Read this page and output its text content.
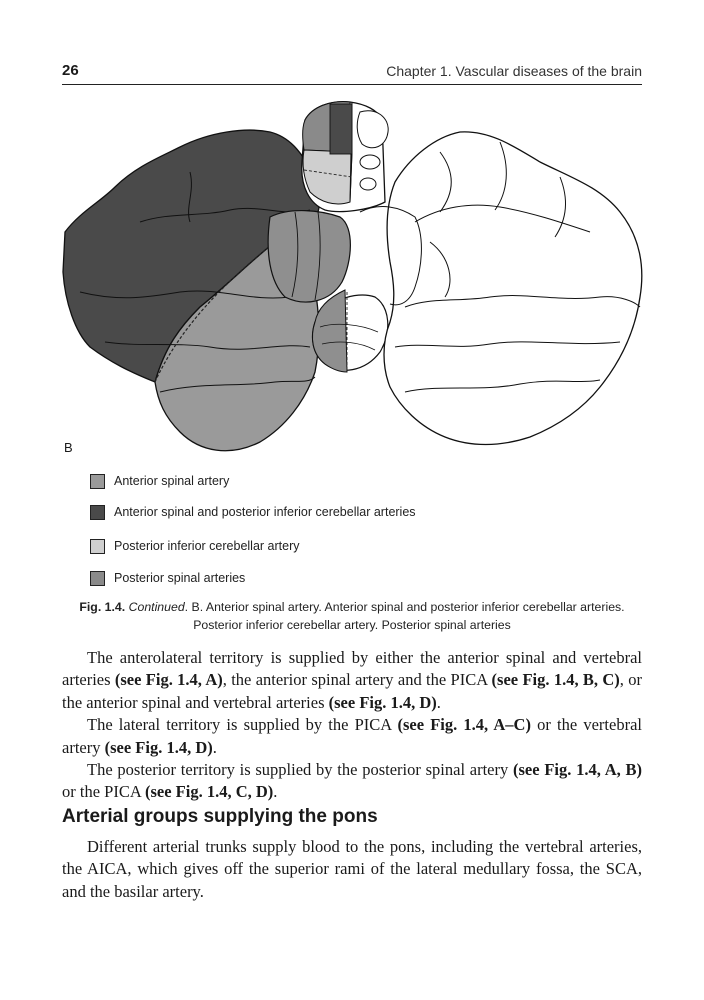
26	Chapter 1. Vascular diseases of the brain
B
Anterior spinal artery
Anterior spinal and posterior inferior cerebellar arteries
Posterior inferior cerebellar artery
Posterior spinal arteries
Fig. 1.4. Continued. B. Anterior spinal artery. Anterior spinal and posterior inferior cerebellar arteries.
Posterior inferior cerebellar artery. Posterior spinal arteries

The anterolateral territory is supplied by either the anterior spinal and vertebral arteries (see Fig. 1.4, A), the anterior spinal artery and the PICA (see Fig. 1.4, B, C), or the anterior spinal and vertebral arteries (see Fig. 1.4, D).

The lateral territory is supplied by the PICA (see Fig. 1.4, A–C) or the vertebral artery (see Fig. 1.4, D).

The posterior territory is supplied by the posterior spinal artery (see Fig. 1.4, A, B) or the PICA (see Fig. 1.4, C, D).

Arterial groups supplying the pons

Different arterial trunks supply blood to the pons, including the vertebral arteries, the AICA, which gives off the superior rami of the lateral medullary fossa, the SCA, and the basilar artery.
